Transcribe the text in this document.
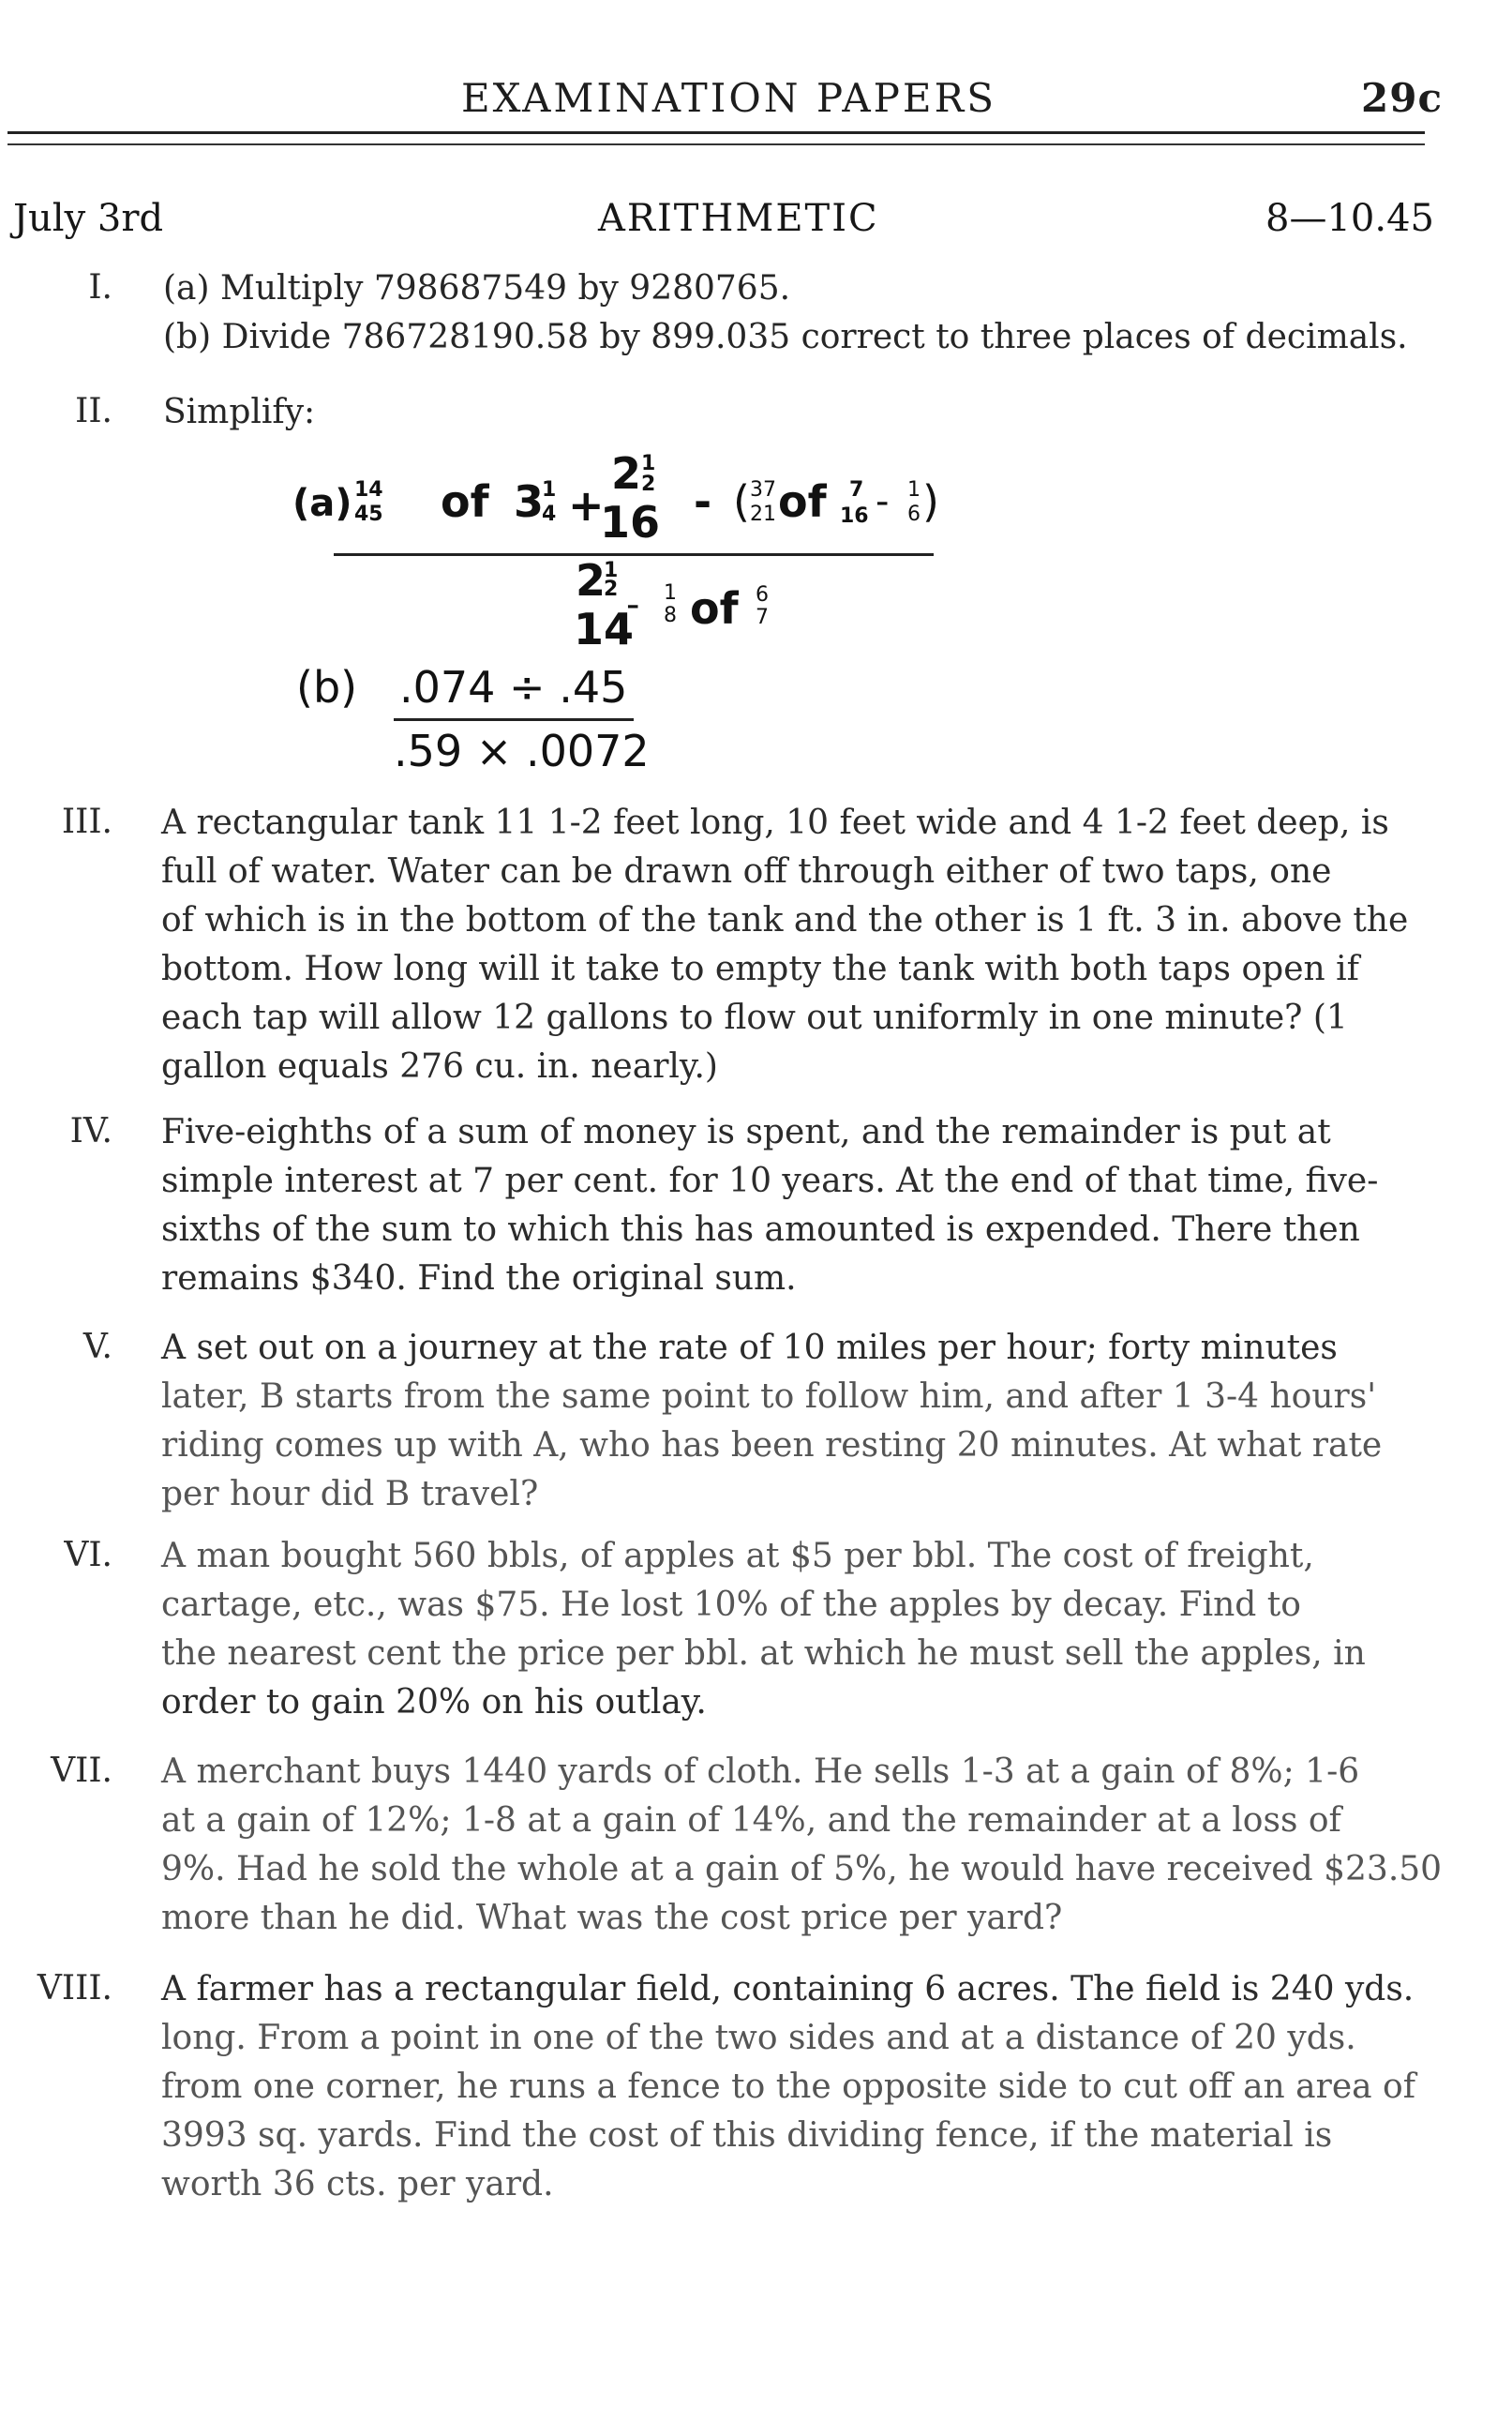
EXAMINATION PAPERS	29c
July 3rd	ARITHMETIC	8—10.45
I. (a) Multiply 798687549 by 9280765.
(b) Divide 786728190.58 by 899.035 correct to three places of decimals.
II. Simplify:
(a) 14
45 of 3
1
4 +
2 1
2
16 - ( 37
21 of 7
16 - 1
6 )
2
1
2
14
- 1
8 of 6
7
(b) .074 ÷ .45
.59 × .0072
III. A rectangular tank 11 1-2 feet long, 10 feet wide and 4 1-2 feet deep, is
full of water. Water can be drawn off through either of two taps, one
of which is in the bottom of the tank and the other is 1 ft. 3 in. above the
bottom. How long will it take to empty the tank with both taps open if
each tap will allow 12 gallons to flow out uniformly in one minute? (1
gallon equals 276 cu. in. nearly.)
IV. Five-eighths of a sum of money is spent, and the remainder is put at
simple interest at 7 per cent. for 10 years. At the end of that time, five-
sixths of the sum to which this has amounted is expended. There then
remains $340. Find the original sum.
V. A set out on a journey at the rate of 10 miles per hour; forty minutes
later, B starts from the same point to follow him, and after 1 3-4 hours'
riding comes up with A, who has been resting 20 minutes. At what rate
per hour did B travel?
VI. A man bought 560 bbls, of apples at $5 per bbl. The cost of freight,
cartage, etc., was $75. He lost 10% of the apples by decay. Find to
the nearest cent the price per bbl. at which he must sell the apples, in
order to gain 20% on his outlay.
VII. A merchant buys 1440 yards of cloth. He sells 1-3 at a gain of 8%; 1-6
at a gain of 12%; 1-8 at a gain of 14%, and the remainder at a loss of
9%. Had he sold the whole at a gain of 5%, he would have received $23.50
more than he did. What was the cost price per yard?
VIII. A farmer has a rectangular field, containing 6 acres. The field is 240 yds.
long. From a point in one of the two sides and at a distance of 20 yds.
from one corner, he runs a fence to the opposite side to cut off an area of
3993 sq. yards. Find the cost of this dividing fence, if the material is
worth 36 cts. per yard.
